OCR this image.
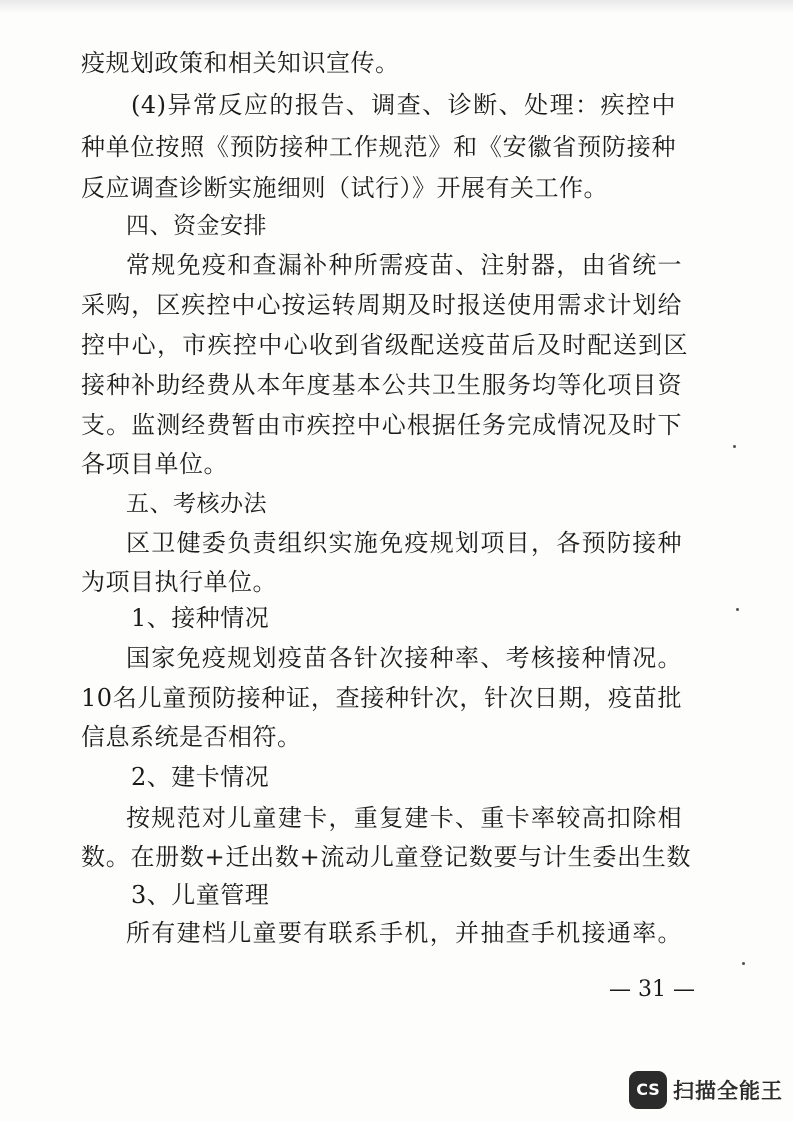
疫规划政策和相关知识宣传。
(4)异常反应的报告、调查、诊断、处理：疾控中
种单位按照《预防接种工作规范》和《安徽省预防接种
反应调查诊断实施细则（试行）》开展有关工作。
四、资金安排
常规免疫和查漏补种所需疫苗、注射器，由省统一
采购，区疾控中心按运转周期及时报送使用需求计划给
控中心，市疾控中心收到省级配送疫苗后及时配送到区
接种补助经费从本年度基本公共卫生服务均等化项目资
支。监测经费暂由市疾控中心根据任务完成情况及时下
各项目单位。
五、考核办法
区卫健委负责组织实施免疫规划项目，各预防接种
为项目执行单位。
1、接种情况
国家免疫规划疫苗各针次接种率、考核接种情况。
10名儿童预防接种证，查接种针次，针次日期，疫苗批
信息系统是否相符。
2、建卡情况
按规范对儿童建卡，重复建卡、重卡率较高扣除相
数。在册数+迁出数+流动儿童登记数要与计生委出生数
3、儿童管理
所有建档儿童要有联系手机，并抽查手机接通率。
— 31 —
CS 扫描全能王
